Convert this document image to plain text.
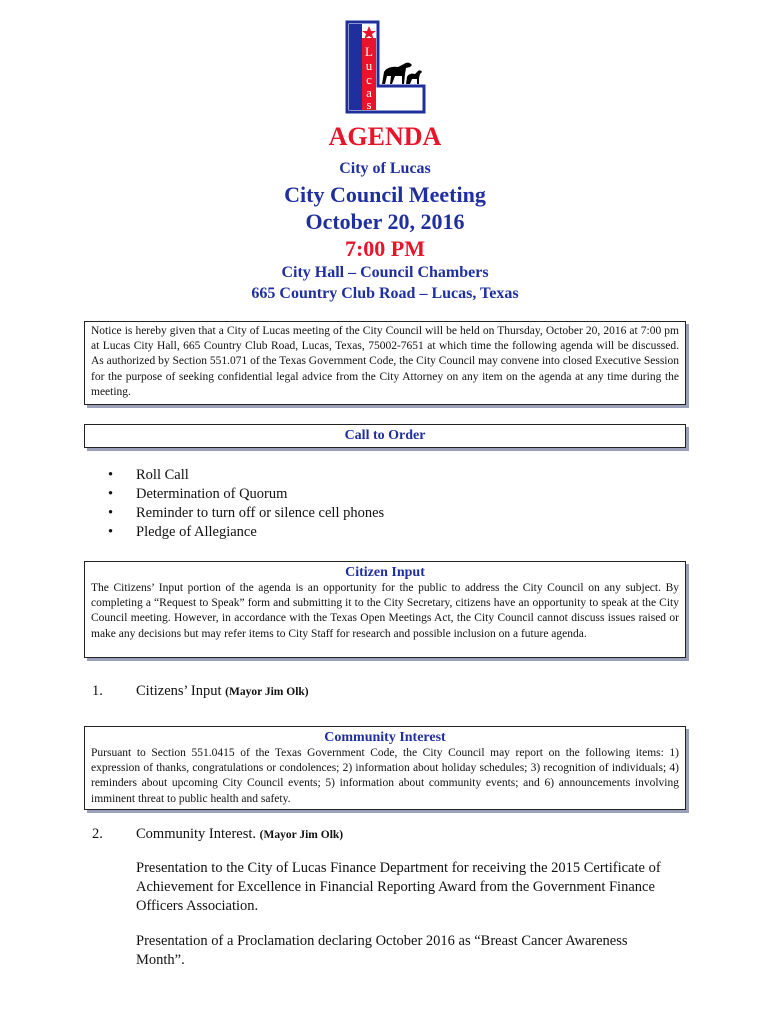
L
u
c
a
s
AGENDA
City of Lucas
City Council Meeting
October 20, 2016
7:00 PM
City Hall – Council Chambers
665 Country Club Road – Lucas, Texas

Notice is hereby given that a City of Lucas meeting of the City Council will be held on Thursday, October 20, 2016 at 7:00 pm at Lucas City Hall, 665 Country Club Road, Lucas, Texas, 75002-7651 at which time the following agenda will be discussed. As authorized by Section 551.071 of the Texas Government Code, the City Council may convene into closed Executive Session for the purpose of seeking confidential legal advice from the City Attorney on any item on the agenda at any time during the meeting.

Call to Order
• Roll Call
• Determination of Quorum
• Reminder to turn off or silence cell phones
• Pledge of Allegiance
Citizen Input

The Citizens’ Input portion of the agenda is an opportunity for the public to address the City Council on any subject. By completing a “Request to Speak” form and submitting it to the City Secretary, citizens have an opportunity to speak at the City Council meeting. However, in accordance with the Texas Open Meetings Act, the City Council cannot discuss issues raised or make any decisions but may refer items to City Staff for research and possible inclusion on a future agenda.

1. Citizens’ Input (Mayor Jim Olk)
Community Interest

Pursuant to Section 551.0415 of the Texas Government Code, the City Council may report on the following items: 1) expression of thanks, congratulations or condolences; 2) information about holiday schedules; 3) recognition of individuals; 4) reminders about upcoming City Council events; 5) information about community events; and 6) announcements involving imminent threat to public health and safety.

2. Community Interest. (Mayor Jim Olk)
Presentation to the City of Lucas Finance Department for receiving the 2015 Certificate of Achievement for Excellence in Financial Reporting Award from the Government Finance Officers Association.
Presentation of a Proclamation declaring October 2016 as “Breast Cancer Awareness Month”.
